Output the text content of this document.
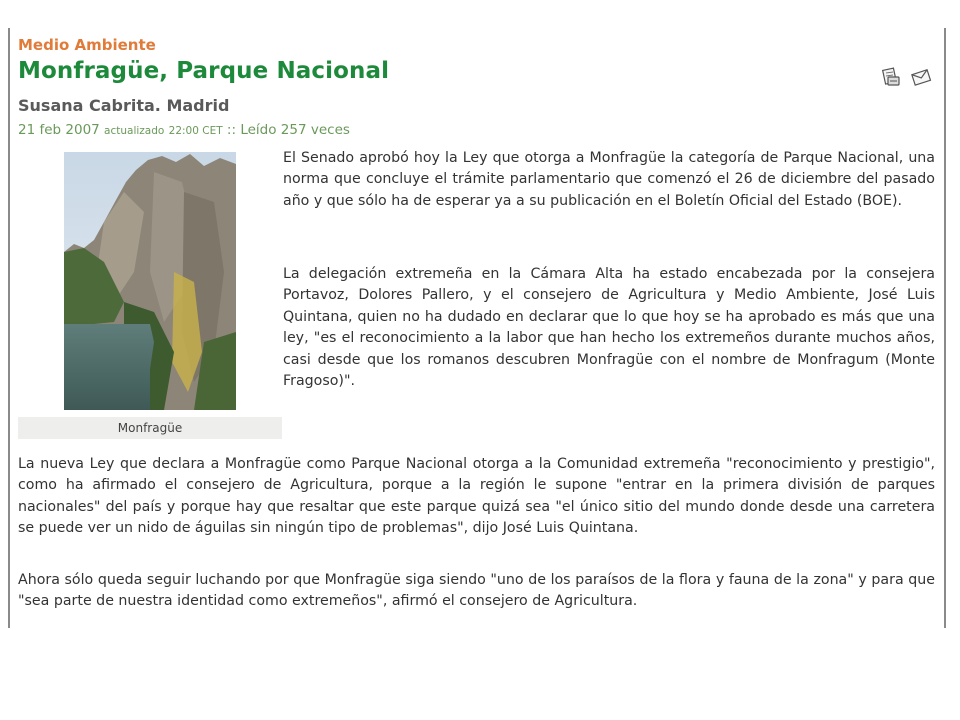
Medio Ambiente
Monfragüe, Parque Nacional
Susana Cabrita. Madrid
21 feb 2007 actualizado 22:00 CET :: Leído 257 veces
Monfragüe

El Senado aprobó hoy la Ley que otorga a Monfragüe la categoría de Parque Nacional, una norma que concluye el trámite parlamentario que comenzó el 26 de diciembre del pasado año y que sólo ha de esperar ya a su publicación en el Boletín Oficial del Estado (BOE).

La delegación extremeña en la Cámara Alta ha estado encabezada por la consejera Portavoz, Dolores Pallero, y el consejero de Agricultura y Medio Ambiente, José Luis Quintana, quien no ha dudado en declarar que lo que hoy se ha aprobado es más que una ley, "es el reconocimiento a la labor que han hecho los extremeños durante muchos años, casi desde que los romanos descubren Monfragüe con el nombre de Monfragum (Monte Fragoso)".

La nueva Ley que declara a Monfragüe como Parque Nacional otorga a la Comunidad extremeña "reconocimiento y prestigio", como ha afirmado el consejero de Agricultura, porque a la región le supone "entrar en la primera división de parques nacionales" del país y porque hay que resaltar que este parque quizá sea "el único sitio del mundo donde desde una carretera se puede ver un nido de águilas sin ningún tipo de problemas", dijo José Luis Quintana.

Ahora sólo queda seguir luchando por que Monfragüe siga siendo "uno de los paraísos de la flora y fauna de la zona" y para que "sea parte de nuestra identidad como extremeños", afirmó el consejero de Agricultura.
